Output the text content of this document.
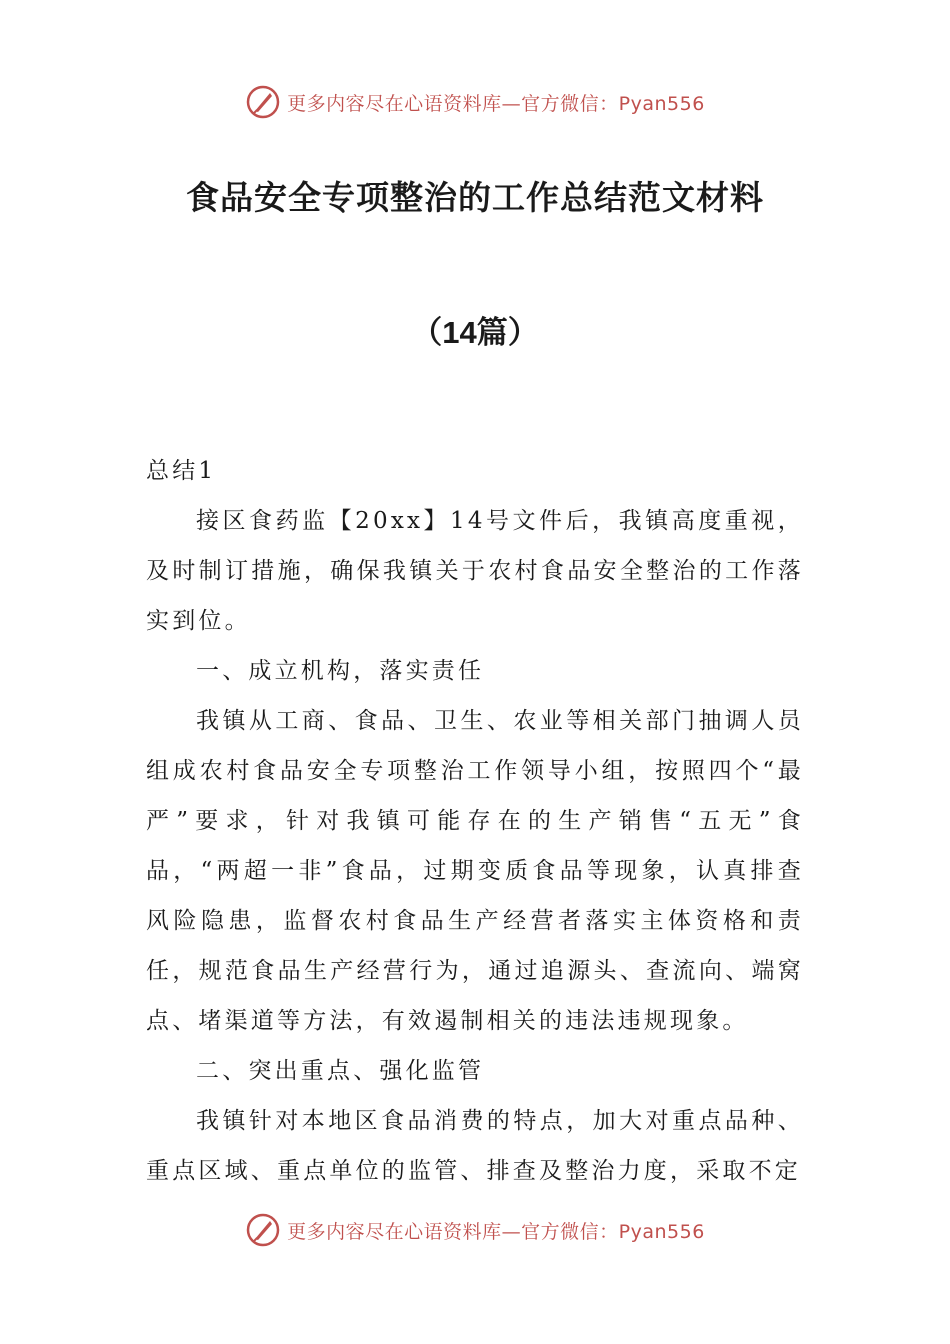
更多内容尽在心语资料库—官方微信：Pyan556
食品安全专项整治的工作总结范文材料
（14篇）

总结1

接区食药监【20xx】14号文件后，我镇高度重视，及时制订措施，确保我镇关于农村食品安全整治的工作落实到位。

一、成立机构，落实责任

我镇从工商、食品、卫生、农业等相关部门抽调人员组成农村食品安全专项整治工作领导小组，按照四个“最严”要求，针对我镇可能存在的生产销售“五无”食品，“两超一非”食品，过期变质食品等现象，认真排查风险隐患，监督农村食品生产经营者落实主体资格和责任，规范食品生产经营行为，通过追源头、查流向、端窝点、堵渠道等方法，有效遏制相关的违法违规现象。

二、突出重点、强化监管

我镇针对本地区食品消费的特点，加大对重点品种、重点区域、重点单位的监管、排查及整治力度，采取不定

更多内容尽在心语资料库—官方微信：Pyan556
